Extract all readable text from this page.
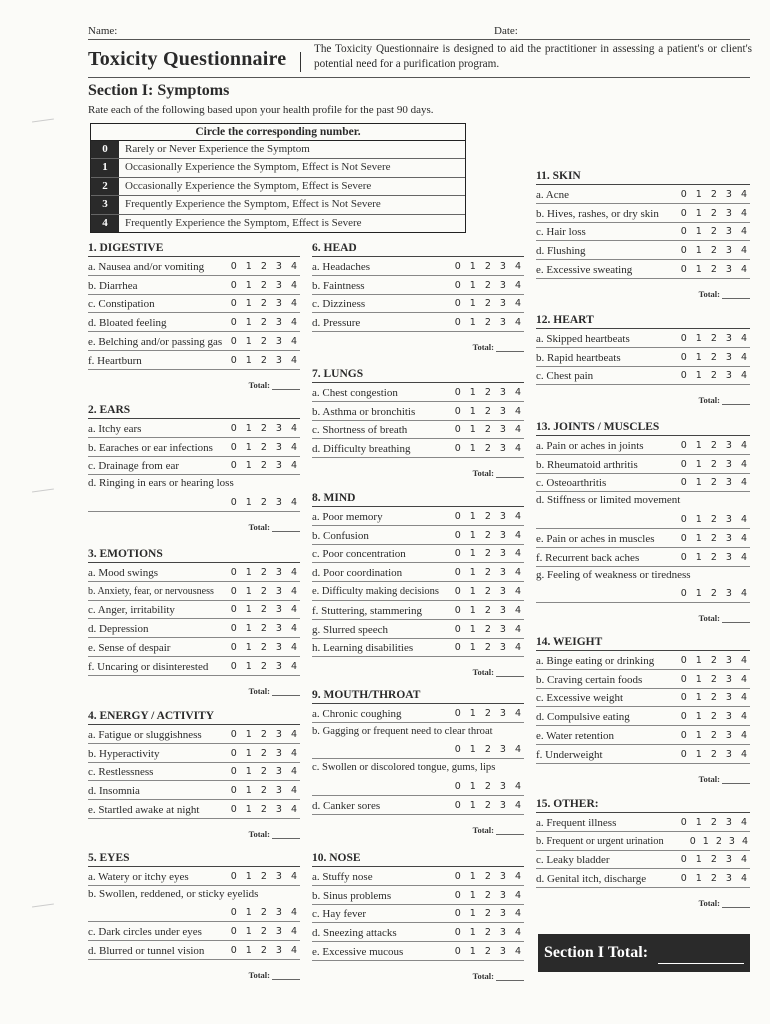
Name:	Date:
Toxicity Questionnaire The Toxicity Questionnaire is designed to aid the practitioner in assessing a patient's or client's potential need for a purification program.
Section I: Symptoms
Rate each of the following based upon your health profile for the past 90 days.
Circle the corresponding number.
0	Rarely or Never Experience the Symptom
1	Occasionally Experience the Symptom, Effect is Not Severe
2	Occasionally Experience the Symptom, Effect is Severe
3	Frequently Experience the Symptom, Effect is Not Severe
4	Frequently Experience the Symptom, Effect is Severe
1. DIGESTIVE
a. Nausea and/or vomiting	0 1 2 3 4
b. Diarrhea	0 1 2 3 4
c. Constipation	0 1 2 3 4
d. Bloated feeling	0 1 2 3 4
e. Belching and/or passing gas 0 1 2 3 4
f. Heartburn	0 1 2 3 4
Total:
2. EARS
a. Itchy ears	0 1 2 3 4
b. Earaches or ear infections 0 1 2 3 4
c. Drainage from ear	0 1 2 3 4
d. Ringing in ears or hearing loss
0 1 2 3 4
Total:
3. EMOTIONS
a. Mood swings	0 1 2 3 4
b. Anxiety, fear, or nervousness 0 1 2 3 4
c. Anger, irritability	0 1 2 3 4
d. Depression	0 1 2 3 4
e. Sense of despair	0 1 2 3 4
f. Uncaring or disinterested 0 1 2 3 4
Total:
4. ENERGY / ACTIVITY
a. Fatigue or sluggishness	0 1 2 3 4
b. Hyperactivity	0 1 2 3 4
c. Restlessness	0 1 2 3 4
d. Insomnia	0 1 2 3 4
e. Startled awake at night	0 1 2 3 4
Total:
5. EYES
a. Watery or itchy eyes	0 1 2 3 4
b. Swollen, reddened, or sticky eyelids
0 1 2 3 4
c. Dark circles under eyes	0 1 2 3 4
d. Blurred or tunnel vision	0 1 2 3 4
Total:
6. HEAD
a. Headaches	0 1 2 3 4
b. Faintness	0 1 2 3 4
c. Dizziness	0 1 2 3 4
d. Pressure	0 1 2 3 4
Total:
7. LUNGS
a. Chest congestion	0 1 2 3 4
b. Asthma or bronchitis	0 1 2 3 4
c. Shortness of breath	0 1 2 3 4
d. Difficulty breathing	0 1 2 3 4
Total:
8. MIND
a. Poor memory	0 1 2 3 4
b. Confusion	0 1 2 3 4
c. Poor concentration	0 1 2 3 4
d. Poor coordination	0 1 2 3 4
e. Difficulty making decisions 0 1 2 3 4
f. Stuttering, stammering	0 1 2 3 4
g. Slurred speech	0 1 2 3 4
h. Learning disabilities	0 1 2 3 4
Total:
9. MOUTH/THROAT
a. Chronic coughing	0 1 2 3 4
b. Gagging or frequent need to clear throat
0 1 2 3 4
c. Swollen or discolored tongue, gums, lips
0 1 2 3 4
d. Canker sores	0 1 2 3 4
Total:
10. NOSE
a. Stuffy nose	0 1 2 3 4
b. Sinus problems	0 1 2 3 4
c. Hay fever	0 1 2 3 4
d. Sneezing attacks	0 1 2 3 4
e. Excessive mucous	0 1 2 3 4
Total:
11. SKIN
a. Acne	0 1 2 3 4
b. Hives, rashes, or dry skin 0 1 2 3 4
c. Hair loss	0 1 2 3 4
d. Flushing	0 1 2 3 4
e. Excessive sweating	0 1 2 3 4
Total:
12. HEART
a. Skipped heartbeats	0 1 2 3 4
b. Rapid heartbeats	0 1 2 3 4
c. Chest pain	0 1 2 3 4
Total:
13. JOINTS / MUSCLES
a. Pain or aches in joints	0 1 2 3 4
b. Rheumatoid arthritis	0 1 2 3 4
c. Osteoarthritis	0 1 2 3 4
d. Stiffness or limited movement
0 1 2 3 4
e. Pain or aches in muscles	0 1 2 3 4
f. Recurrent back aches	0 1 2 3 4
g. Feeling of weakness or tiredness
0 1 2 3 4
Total:
14. WEIGHT
a. Binge eating or drinking	0 1 2 3 4
b. Craving certain foods	0 1 2 3 4
c. Excessive weight	0 1 2 3 4
d. Compulsive eating	0 1 2 3 4
e. Water retention	0 1 2 3 4
f. Underweight	0 1 2 3 4
Total:
15. OTHER:
a. Frequent illness	0 1 2 3 4
b. Frequent or urgent urination	0 1 2 3 4
c. Leaky bladder	0 1 2 3 4
d. Genital itch, discharge	0 1 2 3 4
Total:
Section I Total:
